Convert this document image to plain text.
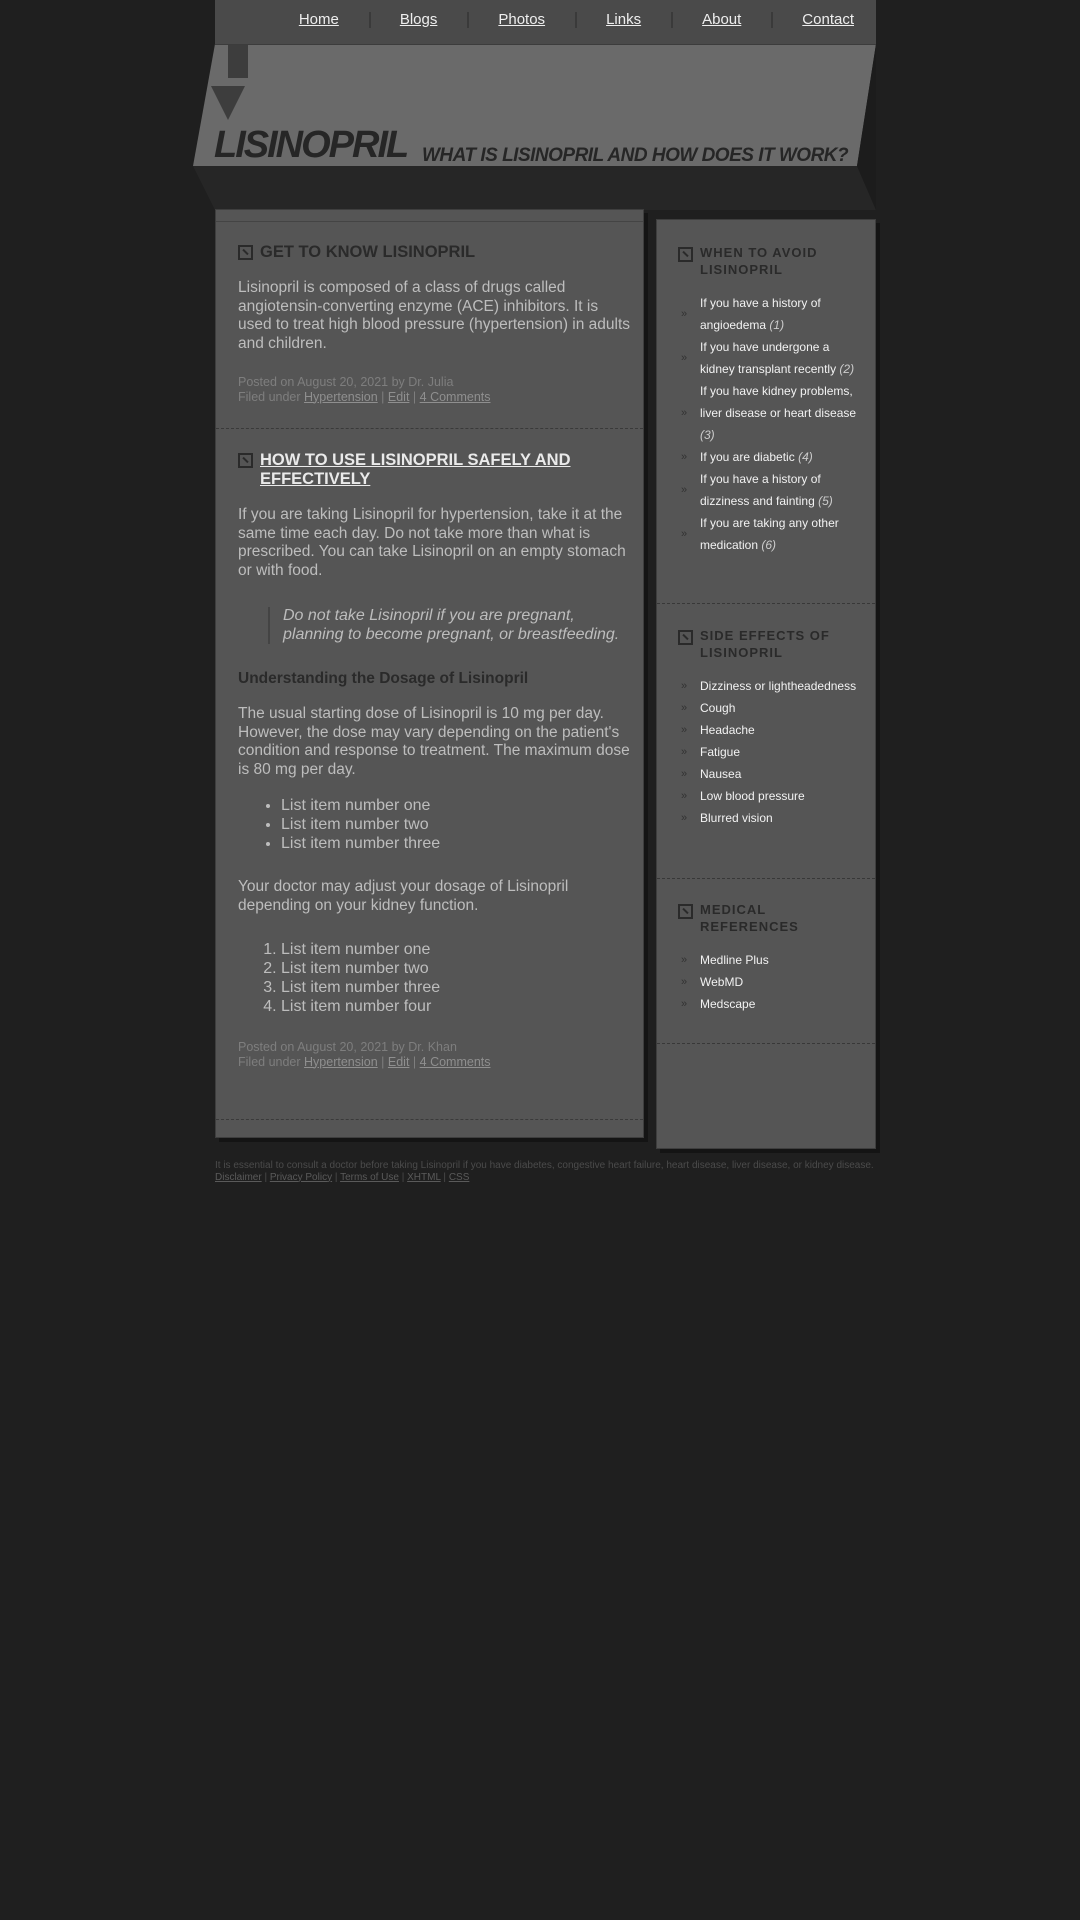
Home	Blogs	Photos	Links	About	Contact
LISINOPRIL WHAT IS LISINOPRIL AND HOW DOES IT WORK?

GET TO KNOW LISINOPRIL

Lisinopril is composed of a class of drugs called angiotensin-converting enzyme (ACE) inhibitors. It is used to treat high blood pressure (hypertension) in adults and children.

Posted on August 20, 2021 by Dr. Julia
Filed under Hypertension | Edit | 4 Comments
HOW TO USE LISINOPRIL SAFELY AND EFFECTIVELY

If you are taking Lisinopril for hypertension, take it at the same time each day. Do not take more than what is prescribed. You can take Lisinopril on an empty stomach or with food.

Do not take Lisinopril if you are pregnant, planning to become pregnant, or breastfeeding.
Understanding the Dosage of Lisinopril

The usual starting dose of Lisinopril is 10 mg per day. However, the dose may vary depending on the patient's condition and response to treatment. The maximum dose is 80 mg per day.

• List item number one
• List item number two
• List item number three

Your doctor may adjust your dosage of Lisinopril depending on your kidney function.

1. List item number one
2. List item number two
3. List item number three
4. List item number four
Posted on August 20, 2021 by Dr. Khan
Filed under Hypertension | Edit | 4 Comments
WHEN TO AVOID LISINOPRIL
»
If you have a history of angioedema (1)
»
If you have undergone a kidney transplant recently (2)
»
If you have kidney problems, liver disease or heart disease (3)
» If you are diabetic (4)
»
If you have a history of dizziness and fainting (5)
»
If you are taking any other medication (6)
SIDE EFFECTS OF LISINOPRIL
» Dizziness or lightheadedness
» Cough
» Headache
» Fatigue
» Nausea
» Low blood pressure
» Blurred vision
MEDICAL REFERENCES
» Medline Plus
» WebMD
» Medscape
It is essential to consult a doctor before taking Lisinopril if you have diabetes, congestive heart failure, heart disease, liver disease, or kidney disease.
Disclaimer | Privacy Policy | Terms of Use | XHTML | CSS
